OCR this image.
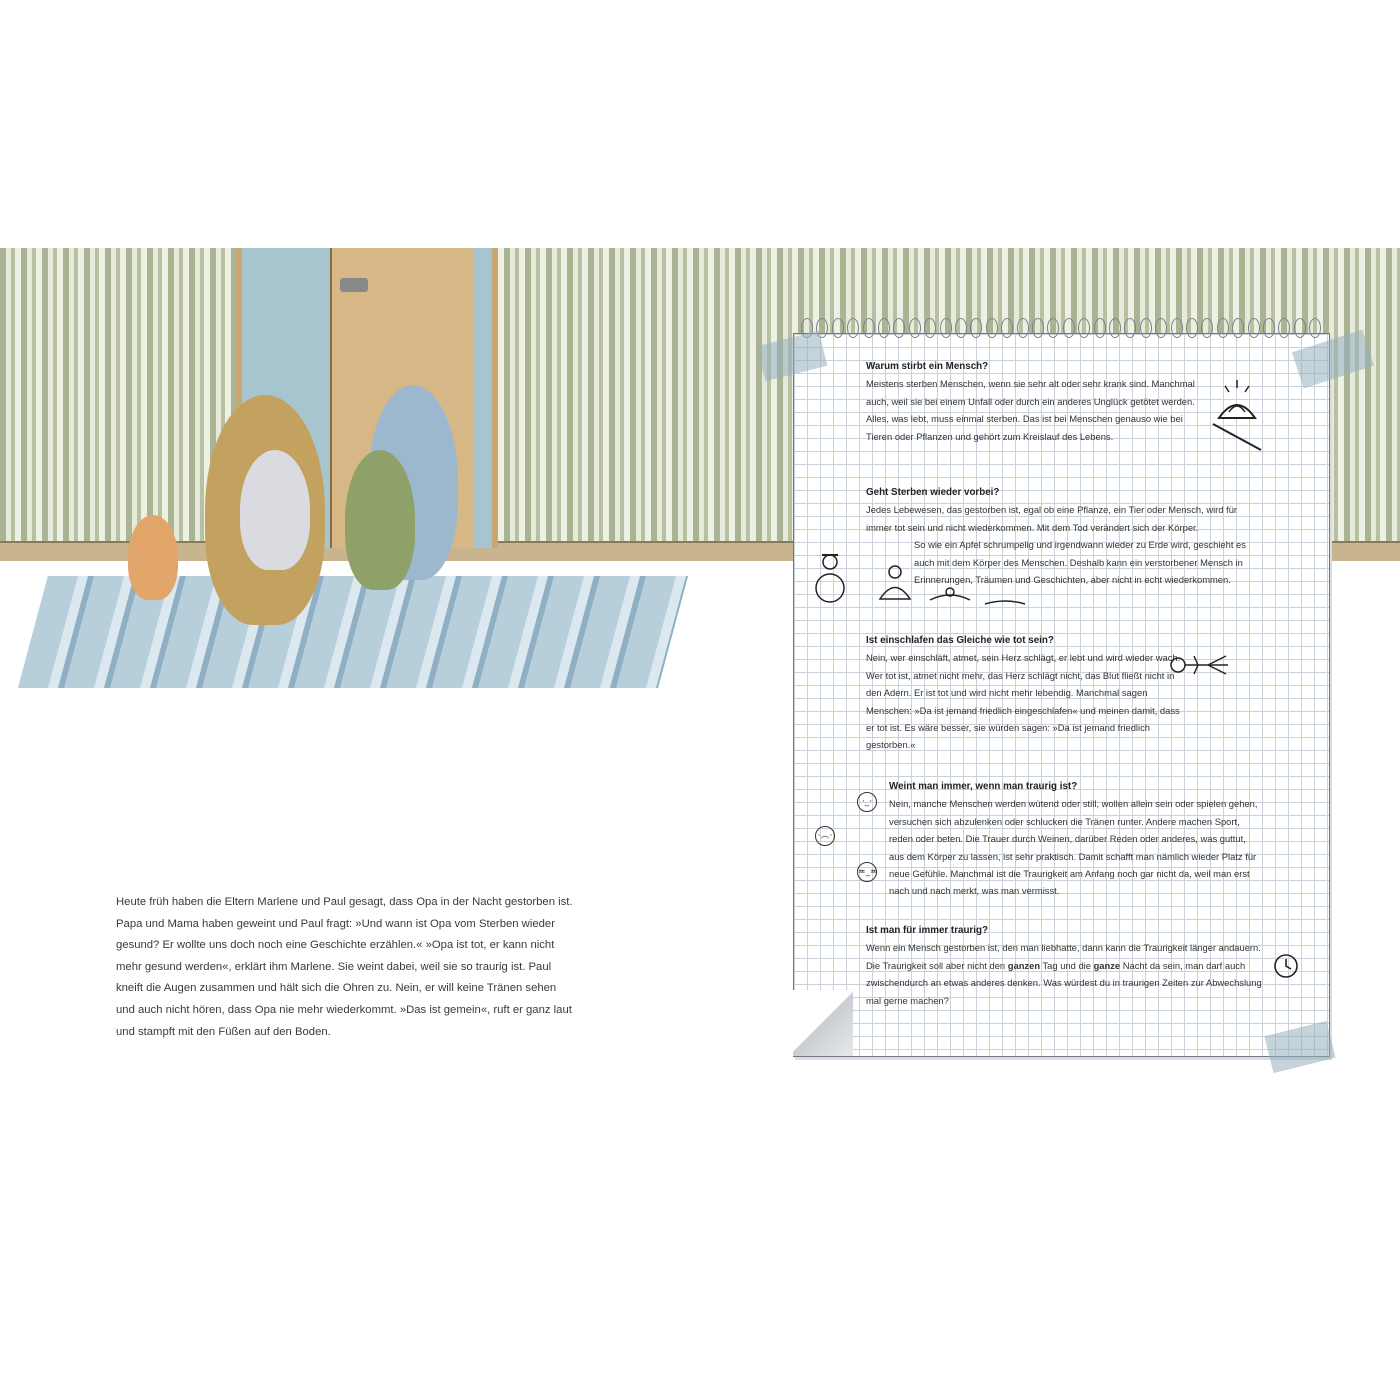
Heute früh haben die Eltern Marlene und Paul gesagt, dass Opa in der Nacht gestorben ist. Papa und Mama haben geweint und Paul fragt: »Und wann ist Opa vom Sterben wieder gesund? Er wollte uns doch noch eine Geschichte erzählen.« »Opa ist tot, er kann nicht mehr gesund werden«, erklärt ihm Marlene. Sie weint dabei, weil sie so traurig ist. Paul kneift die Augen zusammen und hält sich die Ohren zu. Nein, er will keine Tränen sehen und auch nicht hören, dass Opa nie mehr wiederkommt. »Das ist gemein«, ruft er ganz laut und stampft mit den Füßen auf den Boden.

Warum stirbt ein Mensch?

Meistens sterben Menschen, wenn sie sehr alt oder sehr krank sind. Manchmal auch, weil sie bei einem Unfall oder durch ein anderes Unglück getötet werden. Alles, was lebt, muss einmal sterben. Das ist bei Menschen genauso wie bei Tieren oder Pflanzen und gehört zum Kreislauf des Lebens.

Geht Sterben wieder vorbei?

Jedes Lebewesen, das gestorben ist, egal ob eine Pflanze, ein Tier oder Mensch, wird für immer tot sein und nicht wiederkommen. Mit dem Tod verändert sich der Körper.

So wie ein Apfel schrumpelig und irgendwann wieder zu Erde wird, geschieht es auch mit dem Körper des Menschen. Deshalb kann ein verstorbener Mensch in Erinnerungen, Träumen und Geschichten, aber nicht in echt wiederkommen.

Ist einschlafen das Gleiche wie tot sein?

Nein, wer einschläft, atmet, sein Herz schlägt, er lebt und wird wieder wach. Wer tot ist, atmet nicht mehr, das Herz schlägt nicht, das Blut fließt nicht in den Adern. Er ist tot und wird nicht mehr lebendig. Manchmal sagen Menschen: »Da ist jemand friedlich eingeschlafen« und meinen damit, dass er tot ist. Es wäre besser, sie würden sagen: »Da ist jemand friedlich gestorben.«

Weint man immer, wenn man traurig ist?

Nein, manche Menschen werden wütend oder still, wollen allein sein oder spielen gehen, versuchen sich abzulenken oder schlucken die Tränen runter. Andere machen Sport, reden oder beten. Die Trauer durch Weinen, darüber Reden oder anderes, was guttut, aus dem Körper zu lassen, ist sehr praktisch. Damit schafft man nämlich wieder Platz für neue Gefühle. Manchmal ist die Traurigkeit am Anfang noch gar nicht da, weil man erst nach und nach merkt, was man vermisst.

Ist man für immer traurig?

Wenn ein Mensch gestorben ist, den man liebhatte, dann kann die Traurigkeit länger andauern. Die Traurigkeit soll aber nicht den ganzen Tag und die ganze Nacht da sein, man darf auch zwischendurch an etwas anderes denken. Was würdest du in traurigen Zeiten zur Abwechslung mal gerne machen?

·_·
·︵·
≖_≖
